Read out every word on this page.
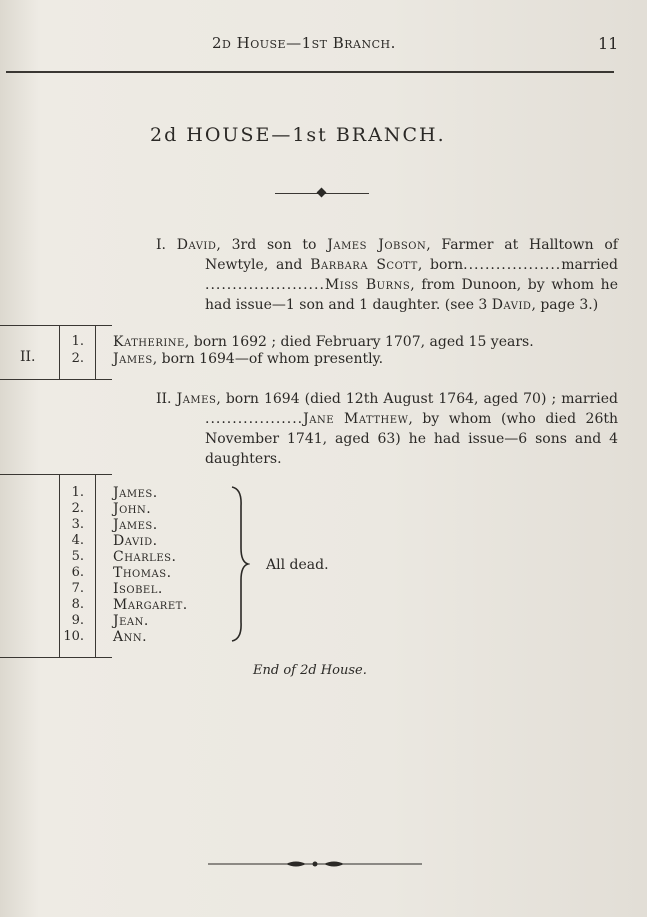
2d House—1st Branch.	11
2d HOUSE—1st BRANCH.
I. David, 3rd son to James Jobson, Farmer at Halltown of
Newtyle, and Barbara Scott, born..................married
......................Miss Burns, from Dunoon, by whom he
had issue—1 son and 1 daughter. (see 3 David, page 3.)
II.
1.
2.
Katherine, born 1692 ; died February 1707, aged 15 years.
James, born 1694—of whom presently.
II. James, born 1694 (died 12th August 1764, aged 70) ; married
..................Jane Matthew, by whom (who died 26th
November 1741, aged 63) he had issue—6 sons and 4
daughters.
1. James.
2. John.
3. James.
4. David.
5. Charles.
6. Thomas.
7. Isobel.
8. Margaret.
9. Jean.
10. Ann.
All dead.
End of 2d House.
